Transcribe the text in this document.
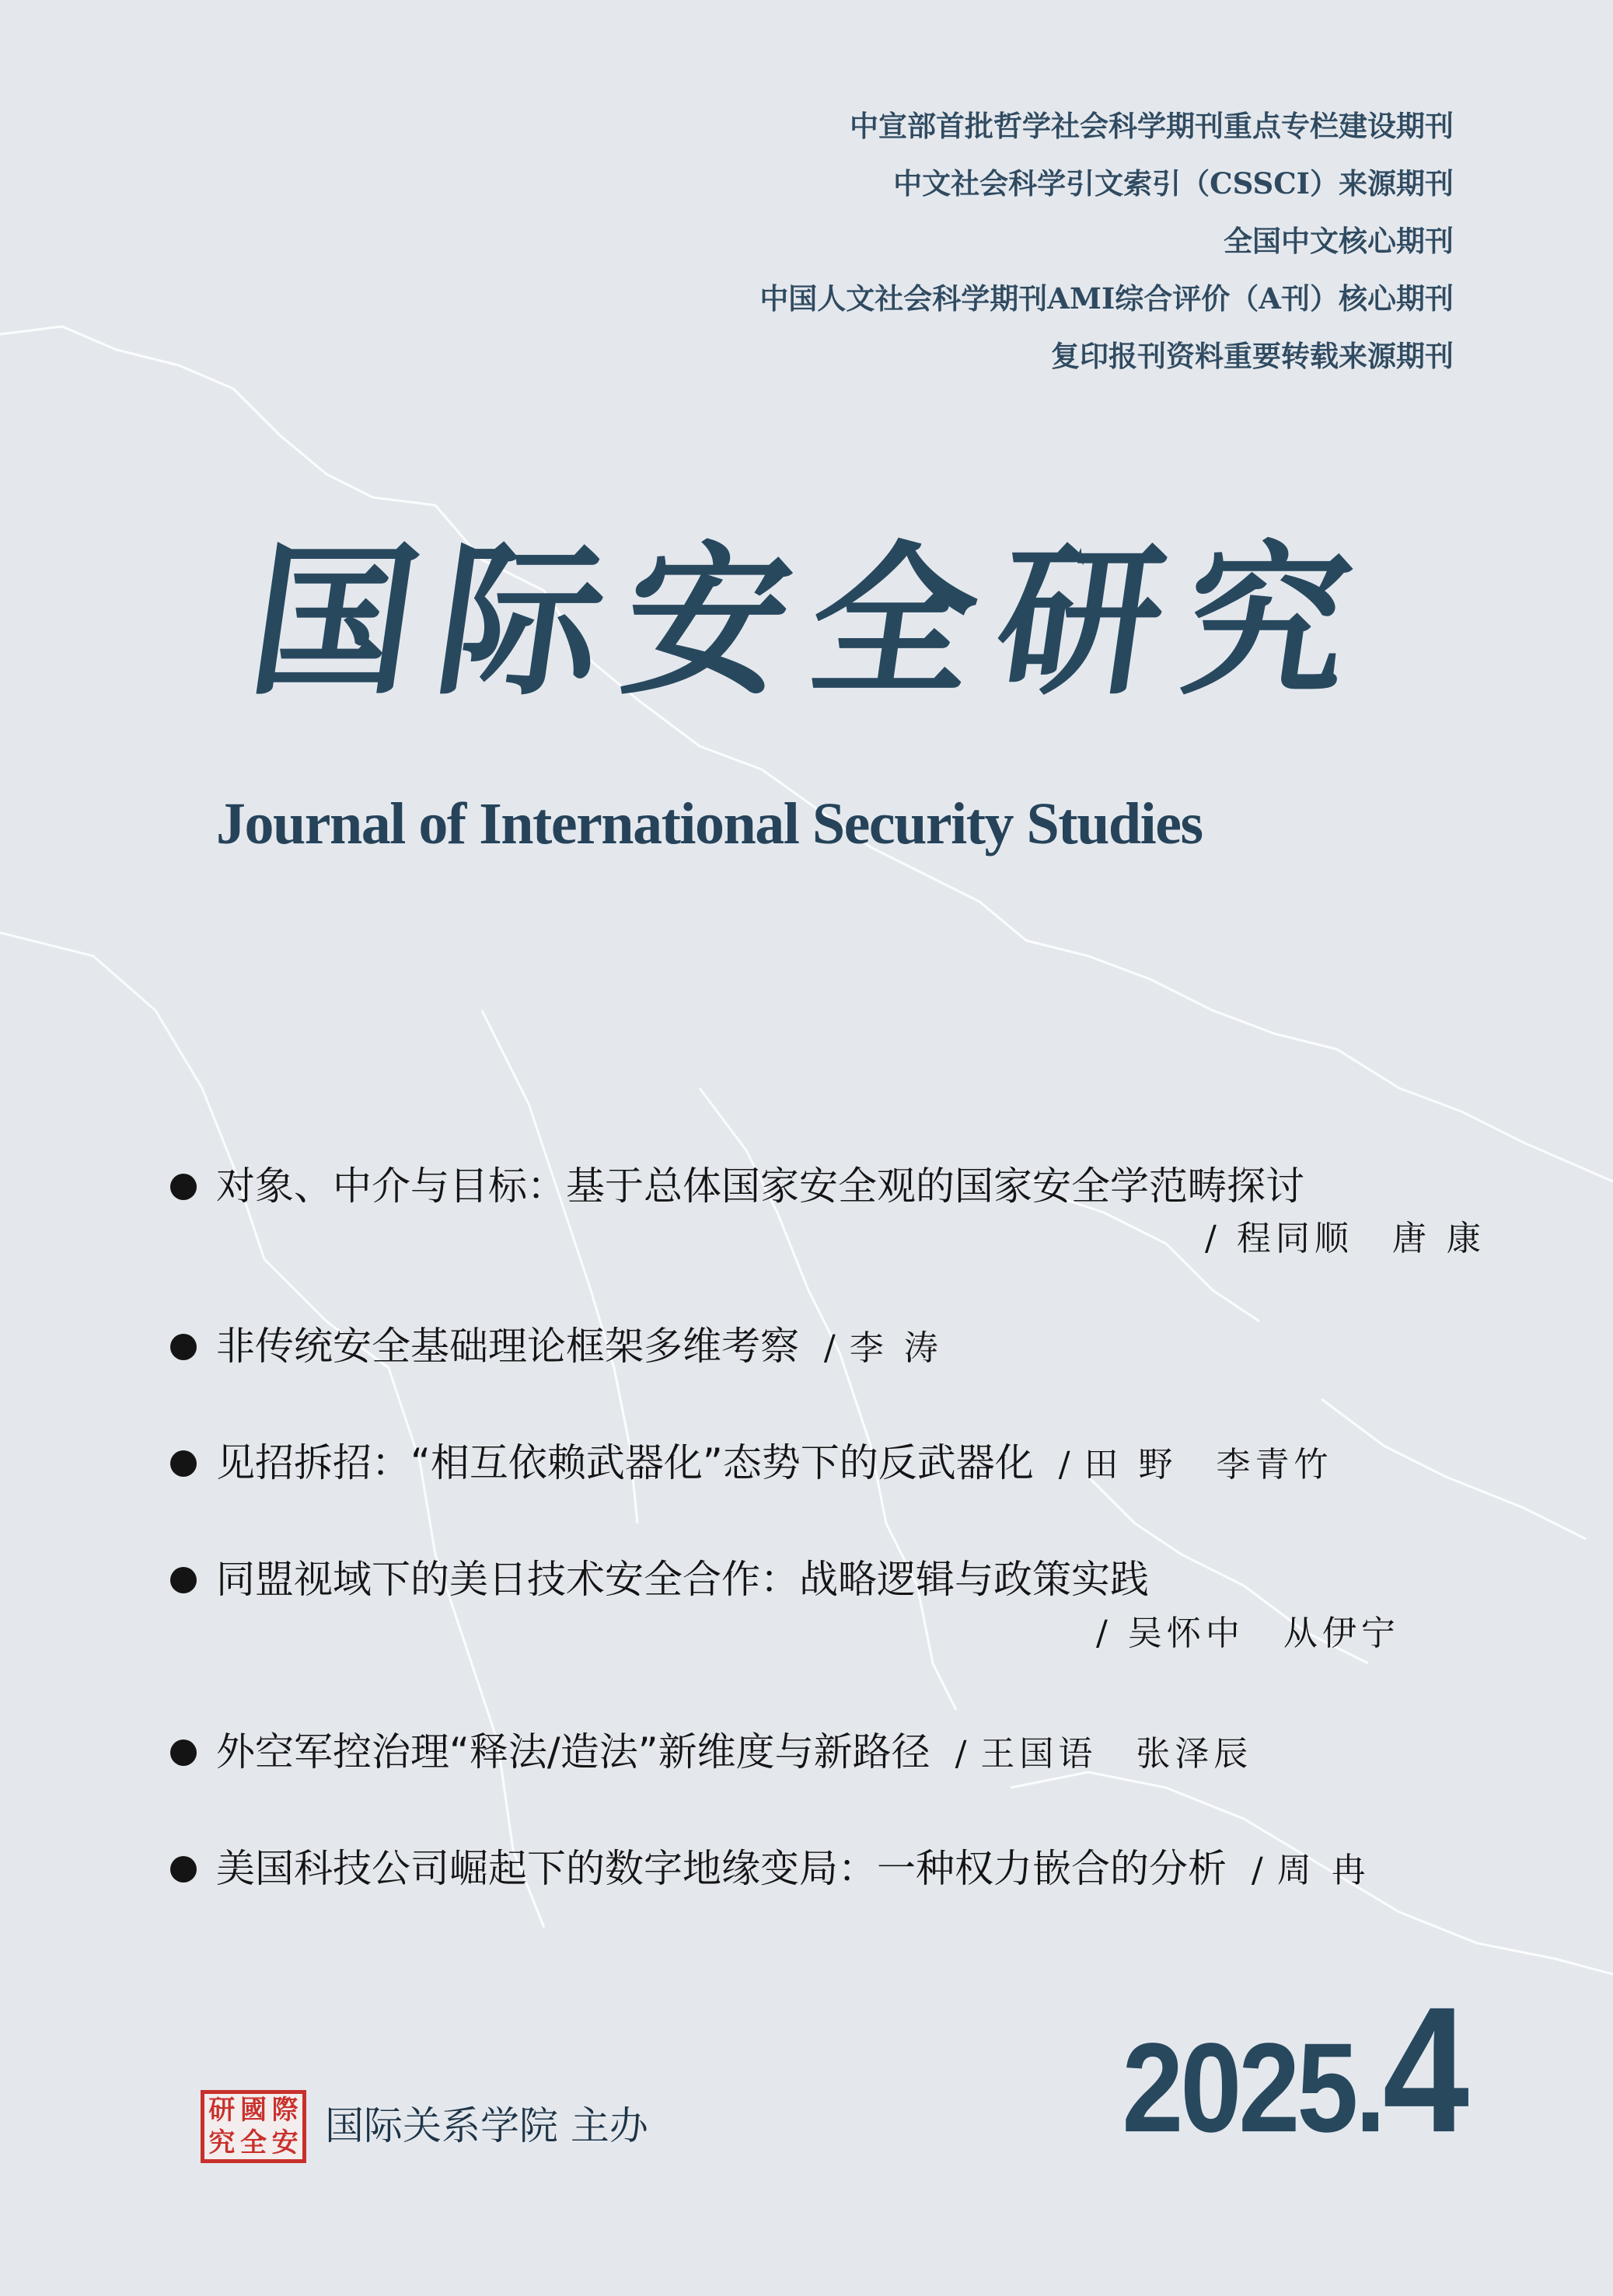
中宣部首批哲学社会科学期刊重点专栏建设期刊
中文社会科学引文索引（CSSCI）来源期刊
全国中文核心期刊
中国人文社会科学期刊AMI综合评价（A刊）核心期刊
复印报刊资料重要转载来源期刊
国际安全研究
Journal of International Security Studies
对象、中介与目标：基于总体国家安全观的国家安全学范畴探讨
/ 程同顺　唐 康
非传统安全基础理论框架多维考察 / 李 涛
见招拆招：“相互依赖武器化”态势下的反武器化 / 田 野　李青竹
同盟视域下的美日技术安全合作：战略逻辑与政策实践
/ 吴怀中　从伊宁
外空军控治理“释法/造法”新维度与新路径 / 王国语　张泽辰
美国科技公司崛起下的数字地缘变局：一种权力嵌合的分析 / 周 冉
研 國 際
究 全 安 国际关系学院 主办	2025.4
